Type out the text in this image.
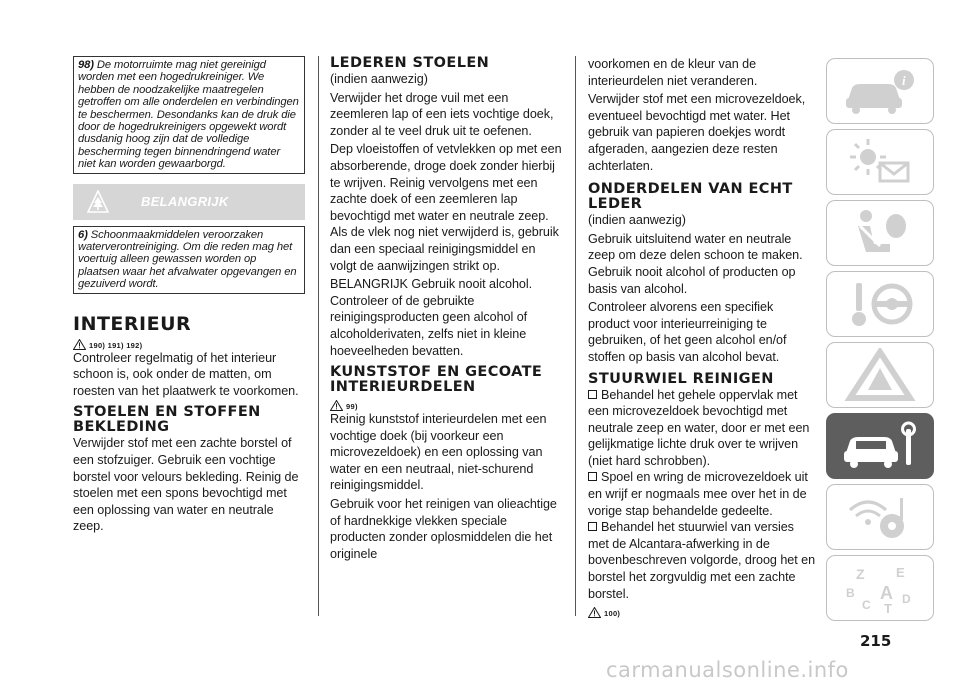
98) De motorruimte mag niet gereinigd worden met een hogedrukreiniger. We hebben de noodzakelijke maatregelen getroffen om alle onderdelen en verbindingen te beschermen. Desondanks kan de druk die door de hogedrukreinigers opgewekt wordt dusdanig hoog zijn dat de volledige bescherming tegen binnendringend water niet kan worden gewaarborgd.
BELANGRIJK
6) Schoonmaakmiddelen veroorzaken waterverontreiniging. Om die reden mag het voertuig alleen gewassen worden op plaatsen waar het afvalwater opgevangen en gezuiverd wordt.
INTERIEUR
190) 191) 192)

Controleer regelmatig of het interieur schoon is, ook onder de matten, om roesten van het plaatwerk te voorkomen.

STOELEN EN STOFFEN BEKLEDING

Verwijder stof met een zachte borstel of een stofzuiger. Gebruik een vochtige borstel voor velours bekleding. Reinig de stoelen met een spons bevochtigd met een oplossing van water en neutrale zeep.

LEDEREN STOELEN

(indien aanwezig)

Verwijder het droge vuil met een zeemleren lap of een iets vochtige doek, zonder al te veel druk uit te oefenen.

Dep vloeistoffen of vetvlekken op met een absorberende, droge doek zonder hierbij te wrijven. Reinig vervolgens met een zachte doek of een zeemleren lap bevochtigd met water en neutrale zeep. Als de vlek nog niet verwijderd is, gebruik dan een speciaal reinigingsmiddel en volgt de aanwijzingen strikt op.

BELANGRIJK Gebruik nooit alcohol. Controleer of de gebruikte reinigingsproducten geen alcohol of alcoholderivaten, zelfs niet in kleine hoeveelheden bevatten.

KUNSTSTOF EN GECOATE INTERIEURDELEN
99)

Reinig kunststof interieurdelen met een vochtige doek (bij voorkeur een microvezeldoek) en een oplossing van water en een neutraal, niet-schurend reinigingsmiddel.

Gebruik voor het reinigen van olieachtige of hardnekkige vlekken speciale producten zonder oplosmiddelen die het originele

voorkomen en de kleur van de interieurdelen niet veranderen.

Verwijder stof met een microvezeldoek, eventueel bevochtigd met water. Het gebruik van papieren doekjes wordt afgeraden, aangezien deze resten achterlaten.

ONDERDELEN VAN ECHT LEDER

(indien aanwezig)

Gebruik uitsluitend water en neutrale zeep om deze delen schoon te maken. Gebruik nooit alcohol of producten op basis van alcohol.

Controleer alvorens een specifiek product voor interieurreiniging te gebruiken, of het geen alcohol en/of stoffen op basis van alcohol bevat.

STUURWIEL REINIGEN

Behandel het gehele oppervlak met een microvezeldoek bevochtigd met neutrale zeep en water, door er met een gelijkmatige lichte druk over te wrijven (niet hard schrobben).

Spoel en wring de microvezeldoek uit en wrijf er nogmaals mee over het in de vorige stap behandelde gedeelte.

Behandel het stuurwiel van versies met de Alcantara-afwerking in de bovenbeschreven volgorde, droog het en borstel het zorgvuldig met een zachte borstel.

100)
i
Z E
B A
C T
D
215
carmanualsonline.info
